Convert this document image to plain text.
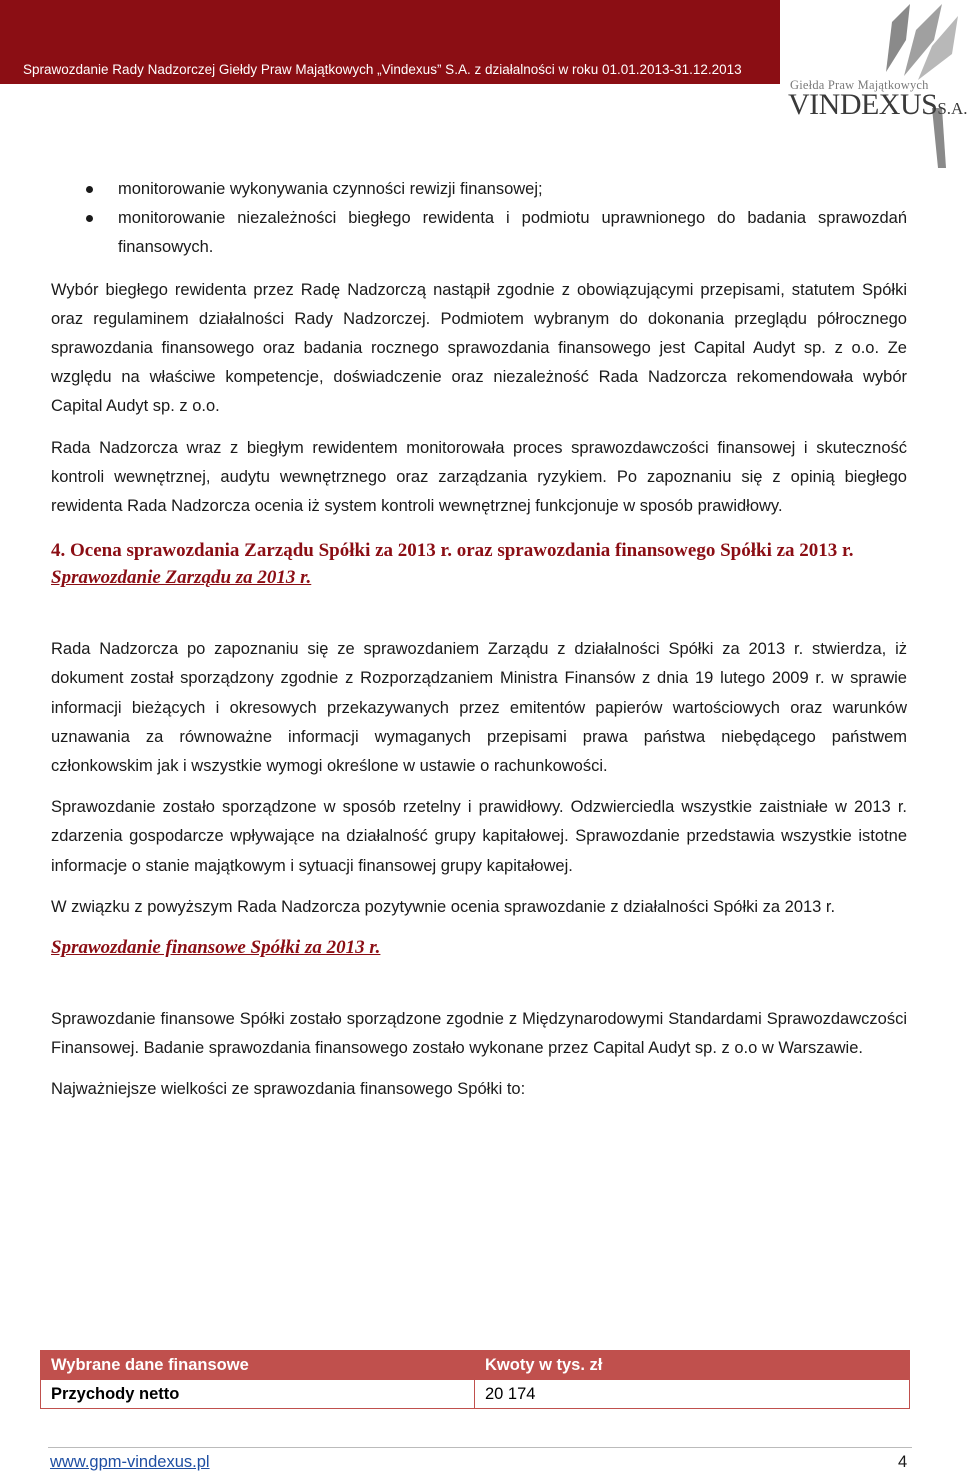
Sprawozdanie Rady Nadzorczej Giełdy Praw Majątkowych „Vindexus” S.A. z działalności w roku 01.01.2013-31.12.2013
Giełda Praw Majątkowych
VINDEXUSS.A.
monitorowanie wykonywania czynności rewizji finansowej;
monitorowanie niezależności biegłego rewidenta i podmiotu uprawnionego do badania sprawozdań finansowych.

Wybór biegłego rewidenta przez Radę Nadzorczą nastąpił zgodnie z obowiązującymi przepisami, statutem Spółki oraz regulaminem działalności Rady Nadzorczej. Podmiotem wybranym do dokonania przeglądu półrocznego sprawozdania finansowego oraz badania rocznego sprawozdania finansowego jest Capital Audyt sp. z o.o. Ze względu na właściwe kompetencje, doświadczenie oraz niezależność Rada Nadzorcza rekomendowała wybór Capital Audyt sp. z o.o.

Rada Nadzorcza wraz z biegłym rewidentem monitorowała proces sprawozdawczości finansowej i skuteczność kontroli wewnętrznej, audytu wewnętrznego oraz zarządzania ryzykiem. Po zapoznaniu się z opinią biegłego rewidenta Rada Nadzorcza ocenia iż system kontroli wewnętrznej funkcjonuje w sposób prawidłowy.

4. Ocena sprawozdania Zarządu Spółki za 2013 r. oraz sprawozdania finansowego Spółki za 2013 r.
Sprawozdanie Zarządu za 2013 r.

Rada Nadzorcza po zapoznaniu się ze sprawozdaniem Zarządu z działalności Spółki za 2013 r. stwierdza, iż dokument został sporządzony zgodnie z Rozporządzaniem Ministra Finansów z dnia 19 lutego 2009 r. w sprawie informacji bieżących i okresowych przekazywanych przez emitentów papierów wartościowych oraz warunków uznawania za równoważne informacji wymaganych przepisami prawa państwa niebędącego państwem członkowskim jak i wszystkie wymogi określone w ustawie o rachunkowości.

Sprawozdanie zostało sporządzone w sposób rzetelny i prawidłowy. Odzwierciedla wszystkie zaistniałe w 2013 r. zdarzenia gospodarcze wpływające na działalność grupy kapitałowej. Sprawozdanie przedstawia wszystkie istotne informacje o stanie majątkowym i sytuacji finansowej grupy kapitałowej.

W związku z powyższym Rada Nadzorcza pozytywnie ocenia sprawozdanie z działalności Spółki za 2013 r.

Sprawozdanie finansowe Spółki za 2013 r.

Sprawozdanie finansowe Spółki zostało sporządzone zgodnie z Międzynarodowymi Standardami Sprawozdawczości Finansowej. Badanie sprawozdania finansowego zostało wykonane przez Capital Audyt sp. z o.o w Warszawie.

Najważniejsze wielkości ze sprawozdania finansowego Spółki to:

Wybrane dane finansowe	Kwoty w tys. zł
Przychody netto	20 174
www.gpm-vindexus.pl	4
